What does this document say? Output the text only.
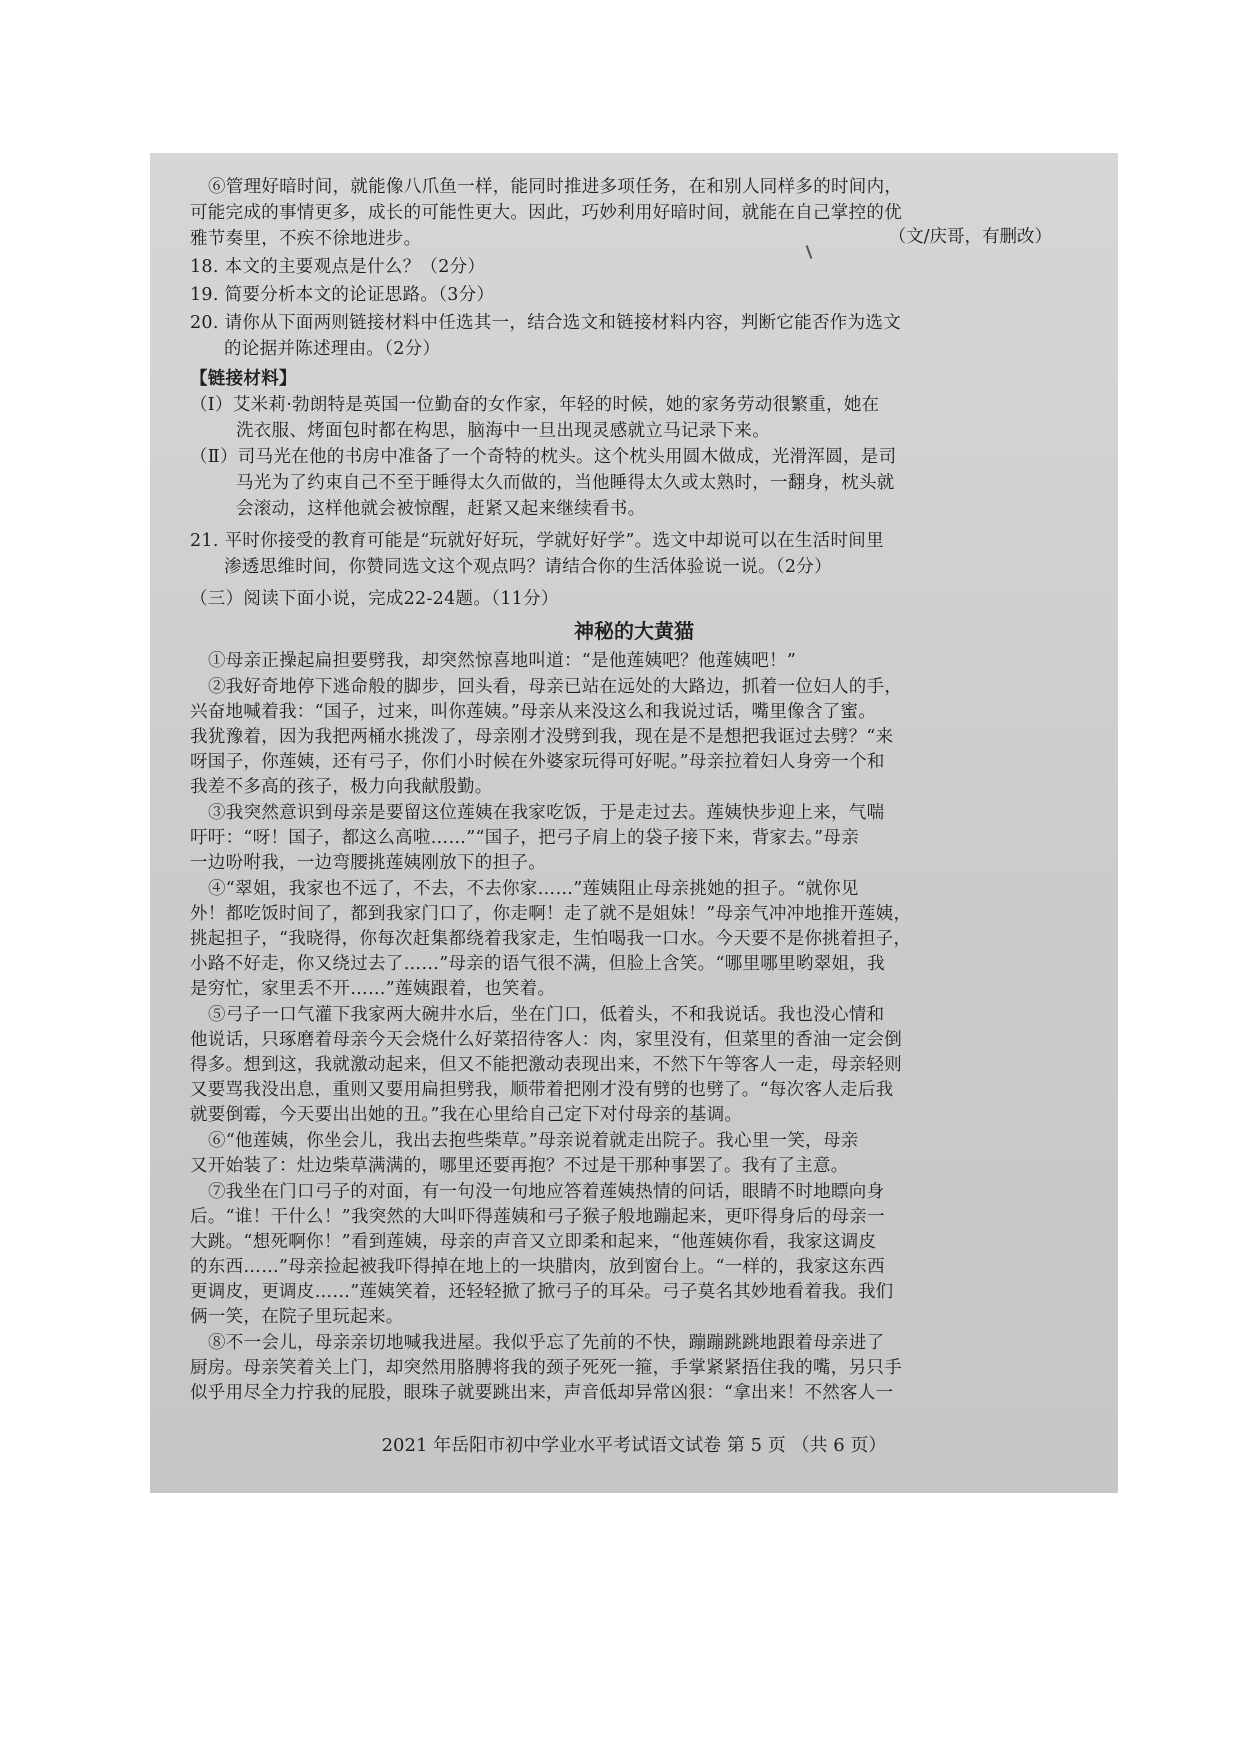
⑥管理好暗时间，就能像八爪鱼一样，能同时推进多项任务，在和别人同样多的时间内，
可能完成的事情更多，成长的可能性更大。因此，巧妙利用好暗时间，就能在自己掌控的优
雅节奏里，不疾不徐地进步。	（文/庆哥，有删改）
18. 本文的主要观点是什么？（2分）
19. 简要分析本文的论证思路。（3分）
20. 请你从下面两则链接材料中任选其一，结合选文和链接材料内容，判断它能否作为选文
的论据并陈述理由。（2分）
【链接材料】
（Ⅰ）艾米莉·勃朗特是英国一位勤奋的女作家，年轻的时候，她的家务劳动很繁重，她在
洗衣服、烤面包时都在构思，脑海中一旦出现灵感就立马记录下来。
（Ⅱ）司马光在他的书房中准备了一个奇特的枕头。这个枕头用圆木做成，光滑浑圆，是司
马光为了约束自己不至于睡得太久而做的，当他睡得太久或太熟时，一翻身，枕头就
会滚动，这样他就会被惊醒，赶紧又起来继续看书。
21. 平时你接受的教育可能是“玩就好好玩，学就好好学”。选文中却说可以在生活时间里
渗透思维时间，你赞同选文这个观点吗？请结合你的生活体验说一说。（2分）
（三）阅读下面小说，完成22-24题。（11分）
神秘的大黄猫
①母亲正操起扁担要劈我，却突然惊喜地叫道：“是他莲姨吧？他莲姨吧！”
②我好奇地停下逃命般的脚步，回头看，母亲已站在远处的大路边，抓着一位妇人的手，
兴奋地喊着我：“国子，过来，叫你莲姨。”母亲从来没这么和我说过话，嘴里像含了蜜。
我犹豫着，因为我把两桶水挑泼了，母亲刚才没劈到我，现在是不是想把我诓过去劈？“来
呀国子，你莲姨，还有弓子，你们小时候在外婆家玩得可好呢。”母亲拉着妇人身旁一个和
我差不多高的孩子，极力向我献殷勤。
③我突然意识到母亲是要留这位莲姨在我家吃饭，于是走过去。莲姨快步迎上来，气喘
吁吁：“呀！国子，都这么高啦……”“国子，把弓子肩上的袋子接下来，背家去。”母亲
一边吩咐我，一边弯腰挑莲姨刚放下的担子。
④“翠姐，我家也不远了，不去，不去你家……”莲姨阻止母亲挑她的担子。“就你见
外！都吃饭时间了，都到我家门口了，你走啊！走了就不是姐妹！”母亲气冲冲地推开莲姨，
挑起担子，“我晓得，你每次赶集都绕着我家走，生怕喝我一口水。今天要不是你挑着担子，
小路不好走，你又绕过去了……”母亲的语气很不满，但脸上含笑。“哪里哪里哟翠姐，我
是穷忙，家里丢不开……”莲姨跟着，也笑着。
⑤弓子一口气灌下我家两大碗井水后，坐在门口，低着头，不和我说话。我也没心情和
他说话，只琢磨着母亲今天会烧什么好菜招待客人：肉，家里没有，但菜里的香油一定会倒
得多。想到这，我就激动起来，但又不能把激动表现出来，不然下午等客人一走，母亲轻则
又要骂我没出息，重则又要用扁担劈我，顺带着把刚才没有劈的也劈了。“每次客人走后我
就要倒霉，今天要出出她的丑。”我在心里给自己定下对付母亲的基调。
⑥“他莲姨，你坐会儿，我出去抱些柴草。”母亲说着就走出院子。我心里一笑，母亲
又开始装了：灶边柴草满满的，哪里还要再抱？不过是干那种事罢了。我有了主意。
⑦我坐在门口弓子的对面，有一句没一句地应答着莲姨热情的问话，眼睛不时地瞟向身
后。“谁！干什么！”我突然的大叫吓得莲姨和弓子猴子般地蹦起来，更吓得身后的母亲一
大跳。“想死啊你！”看到莲姨，母亲的声音又立即柔和起来，“他莲姨你看，我家这调皮
的东西……”母亲捡起被我吓得掉在地上的一块腊肉，放到窗台上。“一样的，我家这东西
更调皮，更调皮……”莲姨笑着，还轻轻掀了掀弓子的耳朵。弓子莫名其妙地看着我。我们
俩一笑，在院子里玩起来。
⑧不一会儿，母亲亲切地喊我进屋。我似乎忘了先前的不快，蹦蹦跳跳地跟着母亲进了
厨房。母亲笑着关上门，却突然用胳膊将我的颈子死死一箍，手掌紧紧捂住我的嘴，另只手
似乎用尽全力拧我的屁股，眼珠子就要跳出来，声音低却异常凶狠：“拿出来！不然客人一
2021 年岳阳市初中学业水平考试语文试卷 第 5 页 （共 6 页）
